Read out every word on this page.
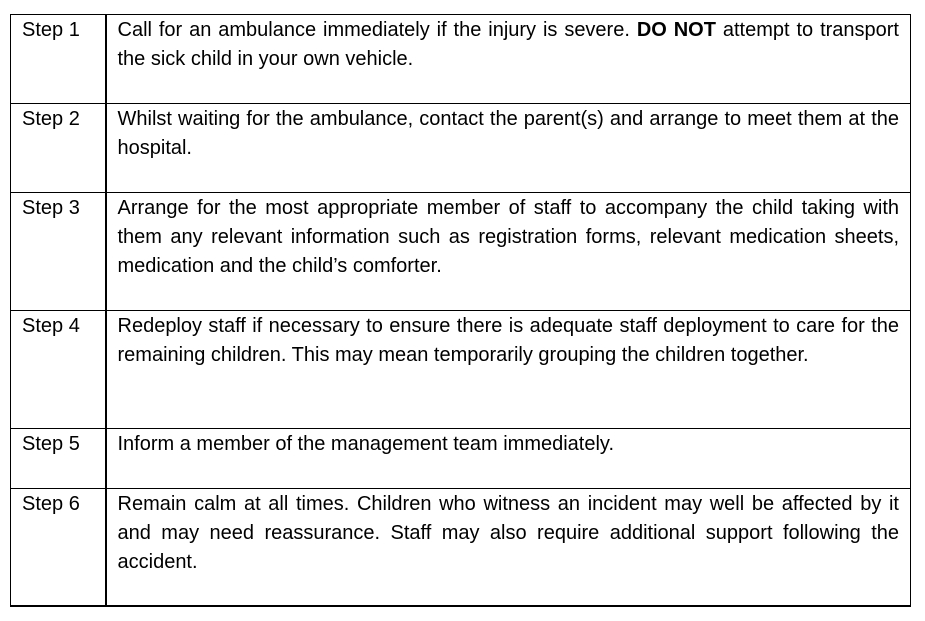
Step 1	Call for an ambulance immediately if the injury is severe. DO NOT attempt to transport the sick child in your own vehicle.
Step 2	Whilst waiting for the ambulance, contact the parent(s) and arrange to meet them at the hospital.
Step 3	Arrange for the most appropriate member of staff to accompany the child taking with them any relevant information such as registration forms, relevant medication sheets, medication and the child’s comforter.
Step 4	Redeploy staff if necessary to ensure there is adequate staff deployment to care for the remaining children. This may mean temporarily grouping the children together.
Step 5	Inform a member of the management team immediately.
Step 6	Remain calm at all times. Children who witness an incident may well be affected by it and may need reassurance. Staff may also require additional support following the accident.
